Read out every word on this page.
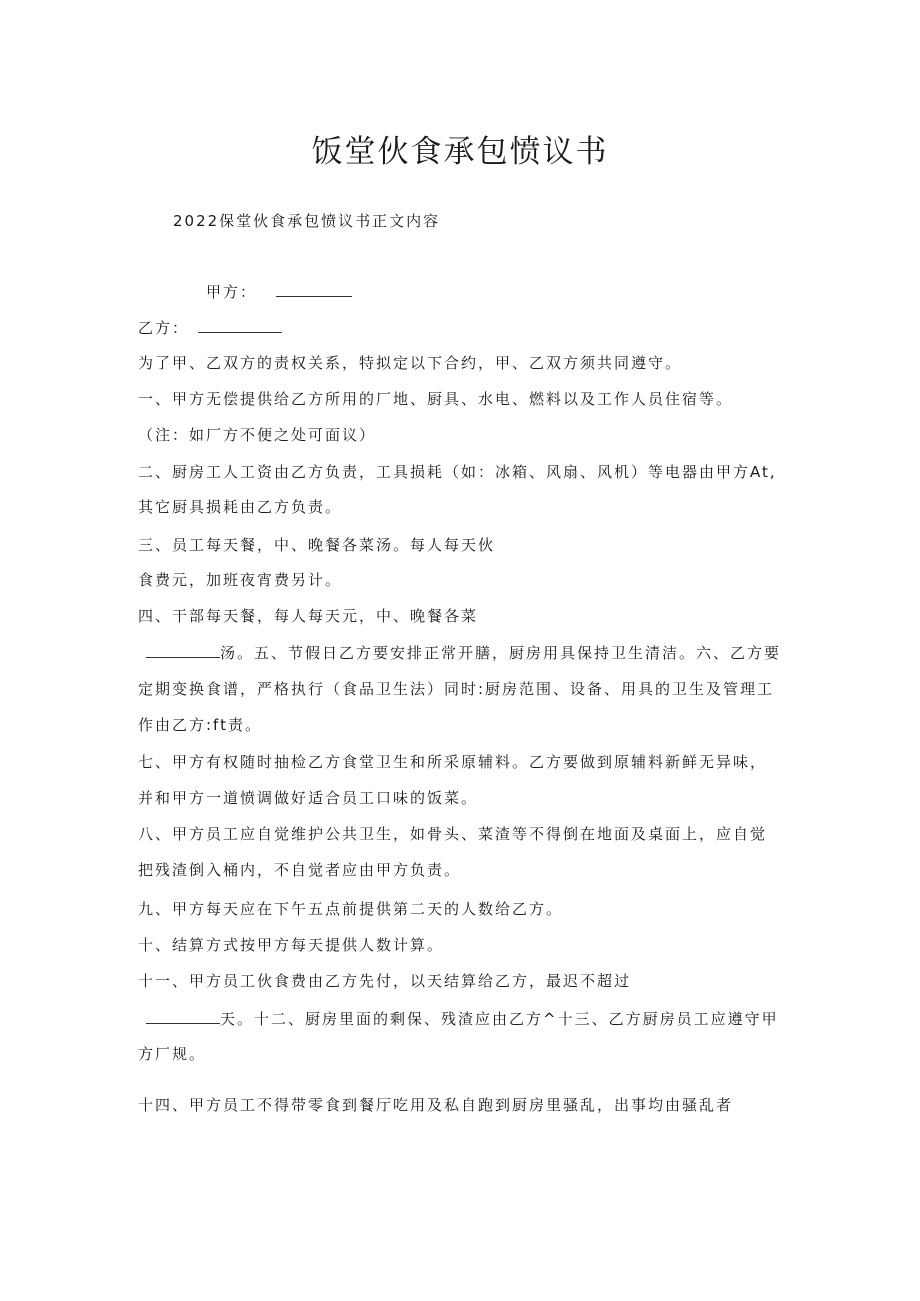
饭堂伙食承包愤议书
2022保堂伙食承包愤议书正文内容
甲方：
乙方：
为了甲、乙双方的责权关系，特拟定以下合约，甲、乙双方须共同遵守。
一、甲方无偿提供给乙方所用的厂地、厨具、水电、燃料以及工作人员住宿等。
（注：如厂方不便之处可面议）
二、厨房工人工资由乙方负责，工具损耗（如：冰箱、风扇、风机）等电器由甲方At,
其它厨具损耗由乙方负责。
三、员工每天餐，中、晚餐各菜汤。每人每天伙
食费元，加班夜宵费另计。
四、干部每天餐，每人每天元，中、晚餐各菜
汤。五、节假日乙方要安排正常开膳，厨房用具保持卫生清洁。六、乙方要
定期变换食谱，严格执行（食品卫生法）同时:厨房范围、设备、用具的卫生及管理工
作由乙方:ft责。
七、甲方有权随时抽检乙方食堂卫生和所采原辅料。乙方要做到原辅料新鲜无异味，
并和甲方一道愤调做好适合员工口味的饭菜。
八、甲方员工应自觉维护公共卫生，如骨头、菜渣等不得倒在地面及桌面上，应自觉
把残渣倒入桶内，不自觉者应由甲方负责。
九、甲方每天应在下午五点前提供第二天的人数给乙方。
十、结算方式按甲方每天提供人数计算。
十一、甲方员工伙食费由乙方先付，以天结算给乙方，最迟不超过
天。十二、厨房里面的剩保、残渣应由乙方^十三、乙方厨房员工应遵守甲
方厂规。
十四、甲方员工不得带零食到餐厅吃用及私自跑到厨房里骚乱，出事均由骚乱者
